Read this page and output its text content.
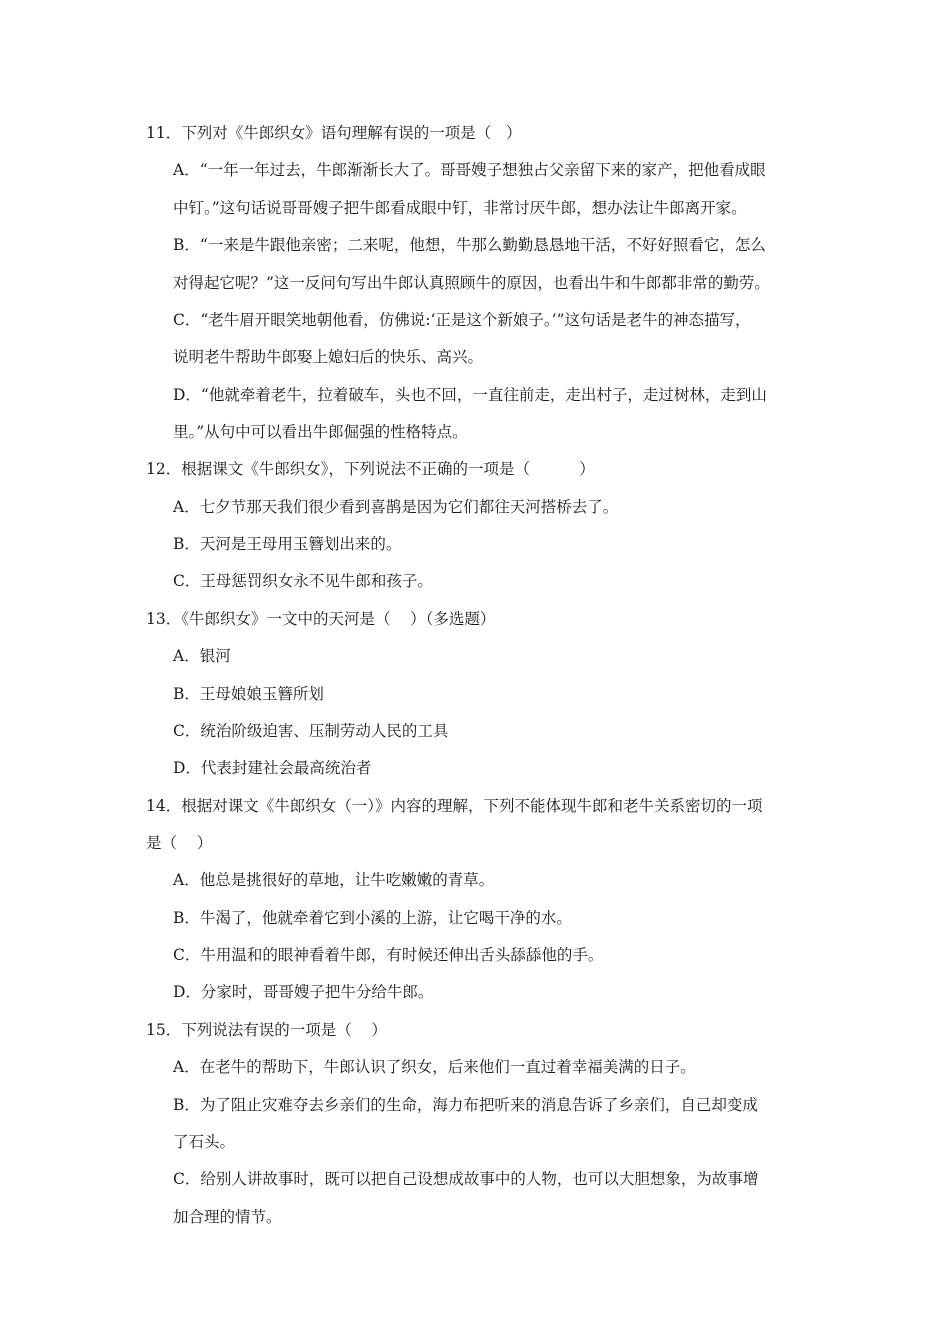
11．下列对《牛郎织女》语句理解有误的一项是（   ）

A．“一年一年过去，牛郎渐渐长大了。哥哥嫂子想独占父亲留下来的家产，把他看成眼

中钉。”这句话说哥哥嫂子把牛郎看成眼中钉，非常讨厌牛郎，想办法让牛郎离开家。

B．“一来是牛跟他亲密；二来呢，他想，牛那么勤勤恳恳地干活，不好好照看它，怎么

对得起它呢？”这一反问句写出牛郎认真照顾牛的原因，也看出牛和牛郎都非常的勤劳。

C．“老牛眉开眼笑地朝他看，仿佛说:‘正是这个新娘子。’”这句话是老牛的神态描写，

说明老牛帮助牛郎娶上媳妇后的快乐、高兴。

D．“他就牵着老牛，拉着破车，头也不回，一直往前走，走出村子，走过树林，走到山

里。”从句中可以看出牛郎倔强的性格特点。

12．根据课文《牛郎织女》，下列说法不正确的一项是（          ）

A．七夕节那天我们很少看到喜鹊是因为它们都往天河搭桥去了。

B．天河是王母用玉簪划出来的。

C．王母惩罚织女永不见牛郎和孩子。

13．《牛郎织女》一文中的天河是（    ）（多选题）

A．银河

B．王母娘娘玉簪所划

C．统治阶级迫害、压制劳动人民的工具

D．代表封建社会最高统治者

14．根据对课文《牛郎织女（一）》内容的理解，下列不能体现牛郎和老牛关系密切的一项

是（    ）

A．他总是挑很好的草地，让牛吃嫩嫩的青草。

B．牛渴了，他就牵着它到小溪的上游，让它喝干净的水。

C．牛用温和的眼神看着牛郎，有时候还伸出舌头舔舔他的手。

D．分家时，哥哥嫂子把牛分给牛郎。

15．下列说法有误的一项是（    ）

A．在老牛的帮助下，牛郎认识了织女，后来他们一直过着幸福美满的日子。

B．为了阻止灾难夺去乡亲们的生命，海力布把听来的消息告诉了乡亲们，自己却变成

了石头。

C．给别人讲故事时，既可以把自己设想成故事中的人物，也可以大胆想象，为故事增

加合理的情节。
